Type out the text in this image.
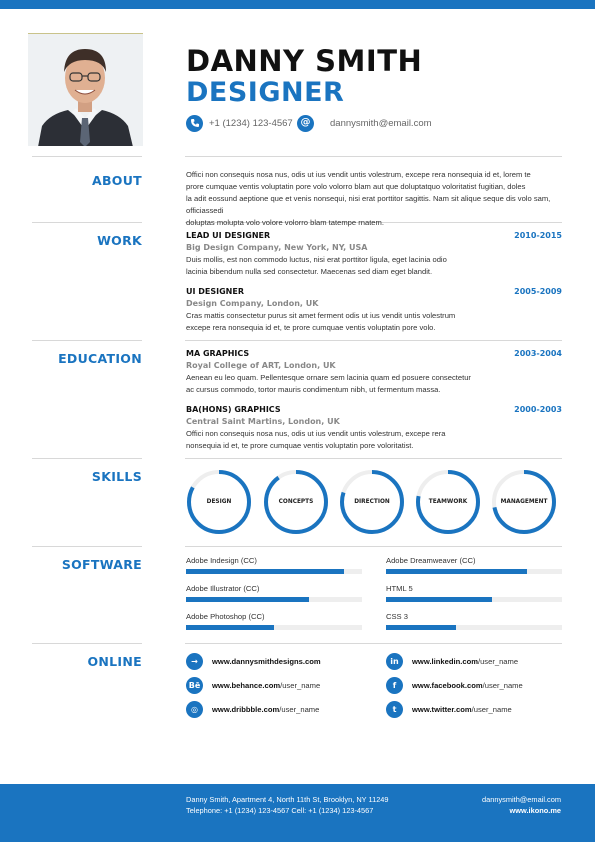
DANNY SMITH
DESIGNER
+1 (1234) 123-4567 @ dannysmith@email.com
ABOUT	Offici non consequis nosa nus, odis ut ius vendit untis volestrum, excepe rera nonsequia id et, lorem te
prore cumquae ventis voluptatin pore volo volorro blam aut que doluptatquo voloritatist fugitian, doles
la adit eossund aeptione que et venis nonsequi, nisi erat porttitor sagittis. Nam sit alique seque dis volo sam, officiassedi
doluptas molupta volo volore volorro blam tatempe rnatem.
WORK	LEAD UI DESIGNER	2010-2015
Big Design Company, New York, NY, USA
Duis mollis, est non commodo luctus, nisi erat porttitor ligula, eget lacinia odio
lacinia bibendum nulla sed consectetur. Maecenas sed diam eget blandit.
UI DESIGNER	2005-2009
Design Company, London, UK
Cras mattis consectetur purus sit amet ferment odis ut ius vendit untis volestrum
excepe rera nonsequia id et, te prore cumquae ventis voluptatin pore volo.
EDUCATION	MA GRAPHICS	2003-2004
Royal College of ART, London, UK
Aenean eu leo quam. Pellentesque ornare sem lacinia quam ed posuere consectetur
ac cursus commodo, tortor mauris condimentum nibh, ut fermentum massa.
BA(HONS) GRAPHICS	2000-2003
Central Saint Martins, London, UK
Offici non consequis nosa nus, odis ut ius vendit untis volestrum, excepe rera
nonsequia id et, te prore cumquae ventis voluptatin pore voloritatist.
SKILLS
DESIGN	CONCEPTS	DIRECTION	TEAMWORK	MANAGEMENT
SOFTWARE	Adobe Indesign (CC)	Adobe Dreamweaver (CC)
Adobe Illustrator (CC)	HTML 5
Adobe Photoshop (CC)	CSS 3
ONLINE	→	www.dannysmithdesigns.com	in	www.linkedin.com /user_name
Bē	www.behance.com /user_name	f	www.facebook.com /user_name
◎	www.dribbble.com /user_name	t	www.twitter.com /user_name
Danny Smith, Apartment 4, North 11th St, Brooklyn, NY 11249
Telephone: +1 (1234) 123-4567 Cell: +1 (1234) 123-4567
dannysmith@email.com
www.ikono.me
